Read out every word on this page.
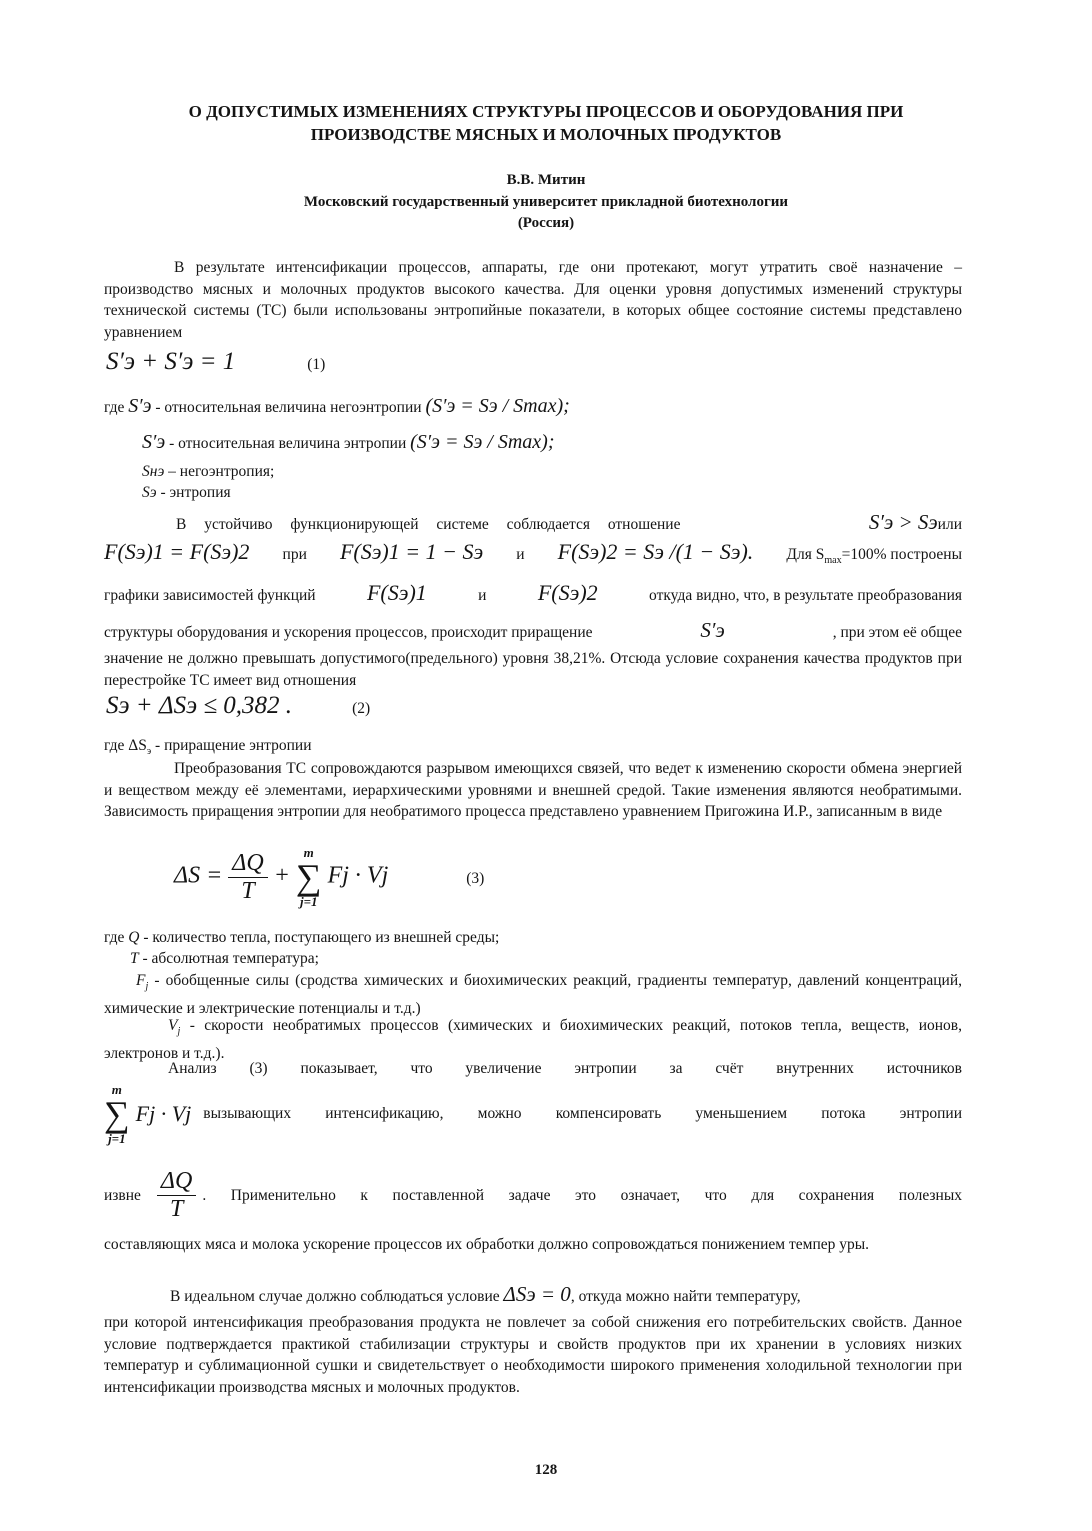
О ДОПУСТИМЫХ ИЗМЕНЕНИЯХ СТРУКТУРЫ ПРОЦЕССОВ И ОБОРУДОВАНИЯ ПРИ

ПРОИЗВОДСТВЕ МЯСНЫХ И МОЛОЧНЫХ ПРОДУКТОВ

В.В. Митин

Московский государственный университет прикладной биотехнологии

(Россия)

В результате интенсификации процессов, аппараты, где они протекают, могут утратить своё назначение – производство мясных и молочных продуктов высокого качества. Для оценки уровня допустимых изменений структуры технической системы (ТС) были использованы энтропийные показатели, в которых общее состояние системы представлено уравнением

S′э + S′э = 1	(1)
где S′э - относительная величина негоэнтропии (S′э = Sэ / Smax);
S′э - относительная величина энтропии (S′э = Sэ / Smax);
Sнэ – негоэнтропия;
Sэ - энтропия
В устойчиво функционирующей системе соблюдается отношение	S′э > Sэили
F(Sэ)1 = F(Sэ)2 при F(Sэ)1 = 1 − Sэ и F(Sэ)2 = Sэ /(1 − Sэ). Для $S_{max}=100\%$ построены
графики зависимостей функций F(Sэ)1	и F(Sэ)2	откуда видно, что, в результате преобразования
структуры оборудования и ускорения процессов, происходит приращение	S′э	, при этом её общее

значение не должно превышать допустимого(предельного) уровня 38,21%. Отсюда условие сохранения качества продуктов при перестройке ТС имеет вид отношения

Sэ + ΔSэ ≤ 0,382 .	(2)
где $\Delta S_э$ - приращение энтропии

Преобразования ТС сопровождаются разрывом имеющихся связей, что ведет к изменению скорости обмена энергией и веществом между её элементами, иерархическими уровнями и внешней средой. Такие изменения являются необратимыми. Зависимость приращения энтропии для необратимого процесса представлено уравнением Пригожина И.Р., записанным в виде

$\Delta S = \frac{\Delta Q}{T}$ +
m
∑
j=1
Fj · Vj	(3)
где Q - количество тепла, поступающего из внешней среды;
T - абсолютная температура;

$F_j$ - обобщенные силы (сродства химических и биохимических реакций, градиенты температур, давлений концентраций, химические и электрические потенциалы и т.д.)

$V_j$ - скорости необратимых процессов (химических и биохимических реакций, потоков тепла, веществ, ионов, электронов и т.д.).

Анализ (3) показывает, что увеличение энтропии за счёт внутренних источников
m
∑
j=1
Fj · Vj вызывающих интенсификацию, можно компенсировать уменьшением потока энтропии
извне $\frac{\Delta Q}{T}$ . Применительно к поставленной задаче это означает, что для сохранения полезных

составляющих мяса и молока ускорение процессов их обработки должно сопровождаться понижением темпер уры.

В идеальном случае должно соблюдаться условие ΔSэ = 0, откуда можно найти температуру,

при которой интенсификация преобразования продукта не повлечет за собой снижения его потребительских свойств. Данное условие подтверждается практикой стабилизации структуры и свойств продуктов при их хранении в условиях низких температур и сублимационной сушки и свидетельствует о необходимости широкого применения холодильной технологии при интенсификации производства мясных и молочных продуктов.

128
